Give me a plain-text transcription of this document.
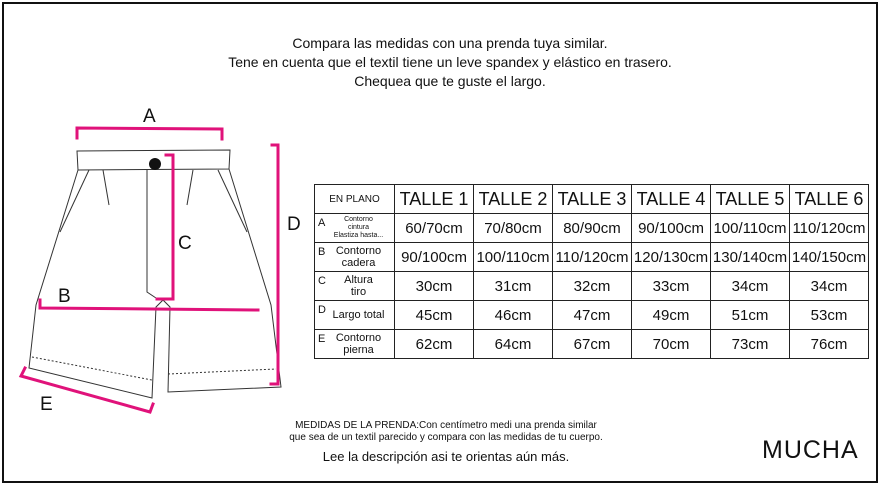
Compara las medidas con una prenda tuya similar.
Tene en cuenta que el textil tiene un leve spandex y elástico en trasero.
Chequea que te guste el largo.
A
C
B
D
E
EN PLANO	TALLE 1	TALLE 2	TALLE 3	TALLE 4	TALLE 5	TALLE 6

A Contorno
cintura
Elastiza hasta...	60/70cm	70/80cm	80/90cm	90/100cm	100/110cm	110/120cm

B Contorno
cadera	90/100cm	100/110cm	110/120cm	120/130cm	130/140cm	140/150cm

C Altura
tiro	30cm	31cm	32cm	33cm	34cm	34cm

D Largo total	45cm	46cm	47cm	49cm	51cm	53cm

E Contorno
pierna	62cm	64cm	67cm	70cm	73cm	76cm
MEDIDAS DE LA PRENDA:Con centímetro medi una prenda similar
que sea de un textil parecido y compara con las medidas de tu cuerpo.
Lee la descripción asi te orientas aún más.	MUCHA
